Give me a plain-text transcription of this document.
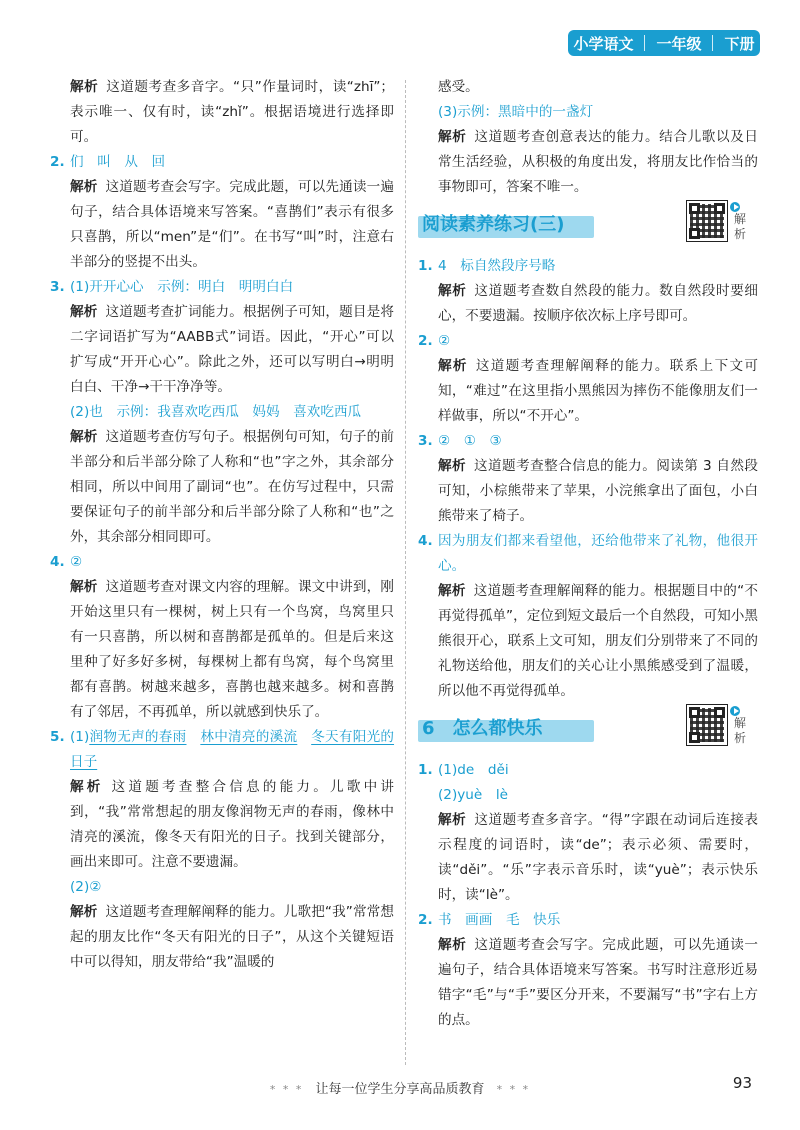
小学语文 一年级 下册
解析 这道题考查多音字。“只”作量词时，读“zhī”；表示唯一、仅有时，读“zhǐ”。根据语境进行选择即可。
2. 们　叫　从　回
解析 这道题考查会写字。完成此题，可以先通读一遍句子，结合具体语境来写答案。“喜鹊们”表示有很多只喜鹊，所以“men”是“们”。在书写“叫”时，注意右半部分的竖提不出头。
3. (1)开开心心　示例：明白　明明白白
解析 这道题考查扩词能力。根据例子可知，题目是将二字词语扩写为“AABB式”词语。因此，“开心”可以扩写成“开开心心”。除此之外，还可以写明白→明明白白、干净→干干净净等。
(2)也　示例：我喜欢吃西瓜　妈妈　喜欢吃西瓜
解析 这道题考查仿写句子。根据例句可知，句子的前半部分和后半部分除了人称和“也”字之外，其余部分相同，所以中间用了副词“也”。在仿写过程中，只需要保证句子的前半部分和后半部分除了人称和“也”之外，其余部分相同即可。
4. ②
解析 这道题考查对课文内容的理解。课文中讲到，刚开始这里只有一棵树，树上只有一个鸟窝，鸟窝里只有一只喜鹊，所以树和喜鹊都是孤单的。但是后来这里种了好多好多树，每棵树上都有鸟窝，每个鸟窝里都有喜鹊。树越来越多，喜鹊也越来越多。树和喜鹊有了邻居，不再孤单，所以就感到快乐了。
5. (1)润物无声的春雨　 林中清亮的溪流　 冬天有阳光的日子
解析 这道题考查整合信息的能力。儿歌中讲到，“我”常常想起的朋友像润物无声的春雨，像林中清亮的溪流，像冬天有阳光的日子。找到关键部分，画出来即可。注意不要遗漏。
(2)②
解析 这道题考查理解阐释的能力。儿歌把“我”常常想起的朋友比作“冬天有阳光的日子”，从这个关键短语中可以得知，朋友带给“我”温暖的
感受。
(3)示例：黑暗中的一盏灯
解析 这道题考查创意表达的能力。结合儿歌以及日常生活经验，从积极的角度出发，将朋友比作恰当的事物即可，答案不唯一。
阅读素养练习(三)	解析
1. 4　标自然段序号略
解析 这道题考查数自然段的能力。数自然段时要细心，不要遗漏。按顺序依次标上序号即可。
2. ②
解析 这道题考查理解阐释的能力。联系上下文可知，“难过”在这里指小黑熊因为摔伤不能像朋友们一样做事，所以“不开心”。
3. ②　①　③
解析 这道题考查整合信息的能力。阅读第 3 自然段可知，小棕熊带来了苹果，小浣熊拿出了面包，小白熊带来了椅子。
4. 因为朋友们都来看望他，还给他带来了礼物，他很开心。
解析 这道题考查理解阐释的能力。根据题目中的“不再觉得孤单”，定位到短文最后一个自然段，可知小黑熊很开心，联系上文可知，朋友们分别带来了不同的礼物送给他，朋友们的关心让小黑熊感受到了温暖，所以他不再觉得孤单。
6 怎么都快乐	解析
1. (1)de　děi
(2)yuè　lè
解析 这道题考查多音字。“得”字跟在动词后连接表示程度的词语时，读“de”；表示必须、需要时，读“děi”。“乐”字表示音乐时，读“yuè”；表示快乐时，读“lè”。
2. 书　画画　毛　快乐
解析 这道题考查会写字。完成此题，可以先通读一遍句子，结合具体语境来写答案。书写时注意形近易错字“毛”与“手”要区分开来，不要漏写“书”字右上方的点。
* * * 让每一位学生分享高品质教育 * * *	93
